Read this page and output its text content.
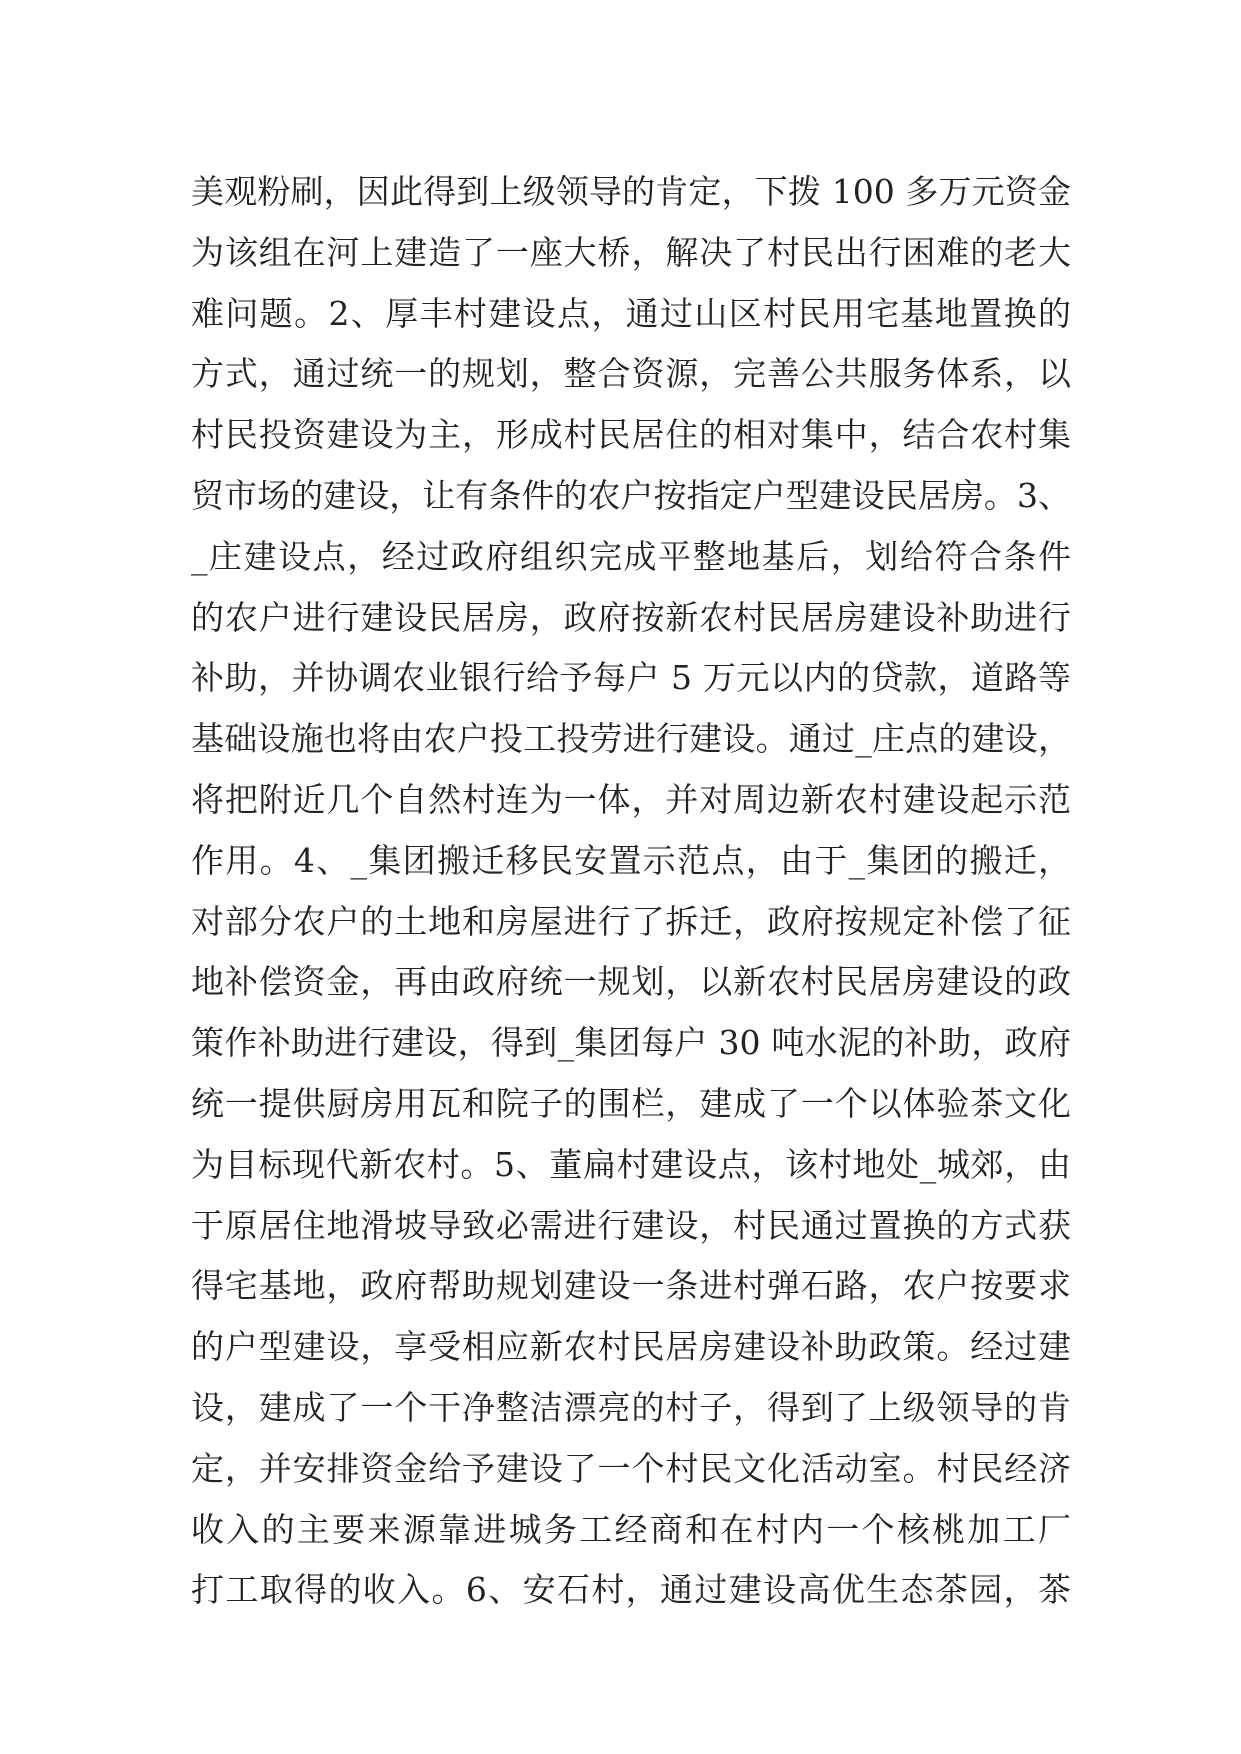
美观粉刷，因此得到上级领导的肯定，下拨 100 多万元资金
为该组在河上建造了一座大桥，解决了村民出行困难的老大
难问题。2、厚丰村建设点，通过山区村民用宅基地置换的
方式，通过统一的规划，整合资源，完善公共服务体系，以
村民投资建设为主，形成村民居住的相对集中，结合农村集
贸市场的建设，让有条件的农户按指定户型建设民居房。3、
_庄建设点，经过政府组织完成平整地基后，划给符合条件
的农户进行建设民居房，政府按新农村民居房建设补助进行
补助，并协调农业银行给予每户 5 万元以内的贷款，道路等
基础设施也将由农户投工投劳进行建设。通过_庄点的建设，
将把附近几个自然村连为一体，并对周边新农村建设起示范
作用。4、_集团搬迁移民安置示范点，由于_集团的搬迁，
对部分农户的土地和房屋进行了拆迁，政府按规定补偿了征
地补偿资金，再由政府统一规划，以新农村民居房建设的政
策作补助进行建设，得到_集团每户 30 吨水泥的补助，政府
统一提供厨房用瓦和院子的围栏，建成了一个以体验茶文化
为目标现代新农村。5、董扁村建设点，该村地处_城郊，由
于原居住地滑坡导致必需进行建设，村民通过置换的方式获
得宅基地，政府帮助规划建设一条进村弹石路，农户按要求
的户型建设，享受相应新农村民居房建设补助政策。经过建
设，建成了一个干净整洁漂亮的村子，得到了上级领导的肯
定，并安排资金给予建设了一个村民文化活动室。村民经济
收入的主要来源靠进城务工经商和在村内一个核桃加工厂
打工取得的收入。6、安石村，通过建设高优生态茶园，茶
